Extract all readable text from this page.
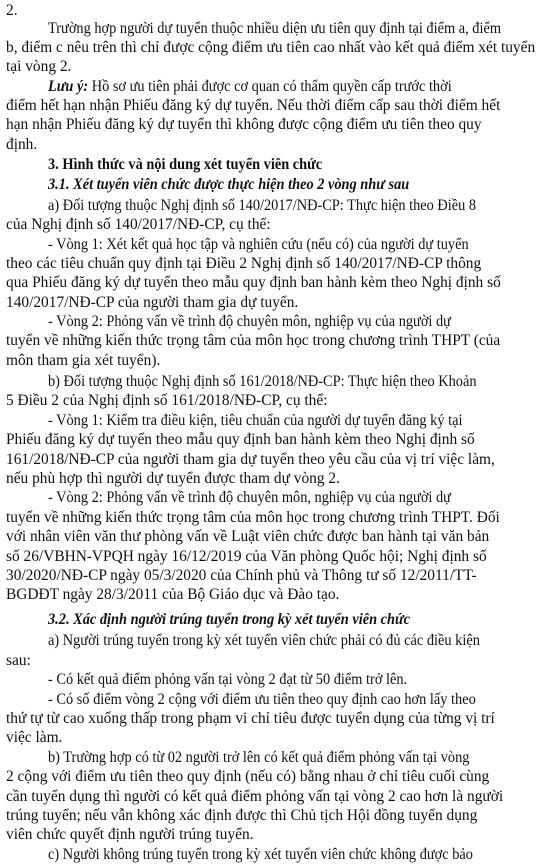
2.
Trường hợp người dự tuyển thuộc nhiều diện ưu tiên quy định tại điểm a, điểm
b, điểm c nêu trên thì chỉ được cộng điểm ưu tiên cao nhất vào kết quả điểm xét tuyển
tại vòng 2.
Lưu ý: Hồ sơ ưu tiên phải được cơ quan có thẩm quyền cấp trước thời
điểm hết hạn nhận Phiếu đăng ký dự tuyển. Nếu thời điểm cấp sau thời điểm hết
hạn nhận Phiếu đăng ký dự tuyển thì không được cộng điểm ưu tiên theo quy
định.
3. Hình thức và nội dung xét tuyển viên chức
3.1. Xét tuyển viên chức được thực hiện theo 2 vòng như sau
a) Đối tượng thuộc Nghị định số 140/2017/NĐ-CP: Thực hiện theo Điều 8
của Nghị định số 140/2017/NĐ-CP, cụ thể:
- Vòng 1: Xét kết quả học tập và nghiên cứu (nếu có) của người dự tuyển
theo các tiêu chuẩn quy định tại Điều 2 Nghị định số 140/2017/NĐ-CP thông
qua Phiếu đăng ký dự tuyển theo mẫu quy định ban hành kèm theo Nghị định số
140/2017/NĐ-CP của người tham gia dự tuyển.
- Vòng 2: Phỏng vấn về trình độ chuyên môn, nghiệp vụ của người dự
tuyển về những kiến thức trọng tâm của môn học trong chương trình THPT (của
môn tham gia xét tuyển).
b) Đối tượng thuộc Nghị định số 161/2018/NĐ-CP: Thực hiện theo Khoản
5 Điều 2 của Nghị định số 161/2018/NĐ-CP, cụ thể:
- Vòng 1: Kiểm tra điều kiện, tiêu chuẩn của người dự tuyển đăng ký tại
Phiếu đăng ký dự tuyển theo mẫu quy định ban hành kèm theo Nghị định số
161/2018/NĐ-CP của người tham gia dự tuyển theo yêu cầu của vị trí việc làm,
nếu phù hợp thì người dự tuyển được tham dự vòng 2.
- Vòng 2: Phỏng vấn về trình độ chuyên môn, nghiệp vụ của người dự
tuyển về những kiến thức trọng tâm của môn học trong chương trình THPT. Đối
với nhân viên văn thư phòng vấn về Luật viên chức được ban hành tại văn bản
số 26/VBHN-VPQH ngày 16/12/2019 của Văn phòng Quốc hội; Nghị định số
30/2020/NĐ-CP ngày 05/3/2020 của Chính phủ và Thông tư số 12/2011/TT-
BGDĐT ngày 28/3/2011 của Bộ Giáo dục và Đào tạo.
3.2. Xác định người trúng tuyển trong kỳ xét tuyển viên chức
a) Người trúng tuyển trong kỳ xét tuyển viên chức phải có đủ các điều kiện
sau:
- Có kết quả điểm phỏng vấn tại vòng 2 đạt từ 50 điểm trở lên.
- Có số điểm vòng 2 cộng với điểm ưu tiên theo quy định cao hơn lấy theo
thứ tự từ cao xuống thấp trong phạm vi chỉ tiêu được tuyển dụng của từng vị trí
việc làm.
b) Trường hợp có từ 02 người trở lên có kết quả điểm phỏng vấn tại vòng
2 cộng với điểm ưu tiên theo quy định (nếu có) bằng nhau ở chỉ tiêu cuối cùng
cần tuyển dụng thì người có kết quả điểm phỏng vấn tại vòng 2 cao hơn là người
trúng tuyển; nếu vẫn không xác định được thì Chủ tịch Hội đồng tuyển dụng
viên chức quyết định người trúng tuyển.
c) Người không trúng tuyển trong kỳ xét tuyển viên chức không được bảo
